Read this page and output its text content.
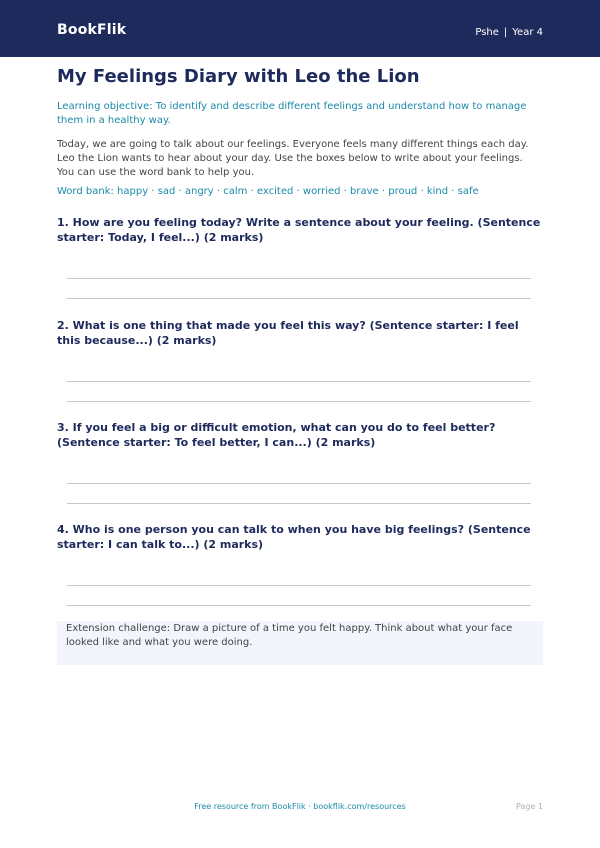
BookFlik	Pshe | Year 4
My Feelings Diary with Leo the Lion

Learning objective: To identify and describe different feelings and understand how to manage them in a healthy way.

Today, we are going to talk about our feelings. Everyone feels many different things each day. Leo the Lion wants to hear about your day. Use the boxes below to write about your feelings. You can use the word bank to help you.

Word bank: happy · sad · angry · calm · excited · worried · brave · proud · kind · safe

1. How are you feeling today? Write a sentence about your feeling. (Sentence starter: Today, I feel...) (2 marks)

2. What is one thing that made you feel this way? (Sentence starter: I feel this because...) (2 marks)

3. If you feel a big or difficult emotion, what can you do to feel better? (Sentence starter: To feel better, I can...) (2 marks)

4. Who is one person you can talk to when you have big feelings? (Sentence starter: I can talk to...) (2 marks)

Extension challenge: Draw a picture of a time you felt happy. Think about what your face looked like and what you were doing.

Free resource from BookFlik · bookflik.com/resources	Page 1
